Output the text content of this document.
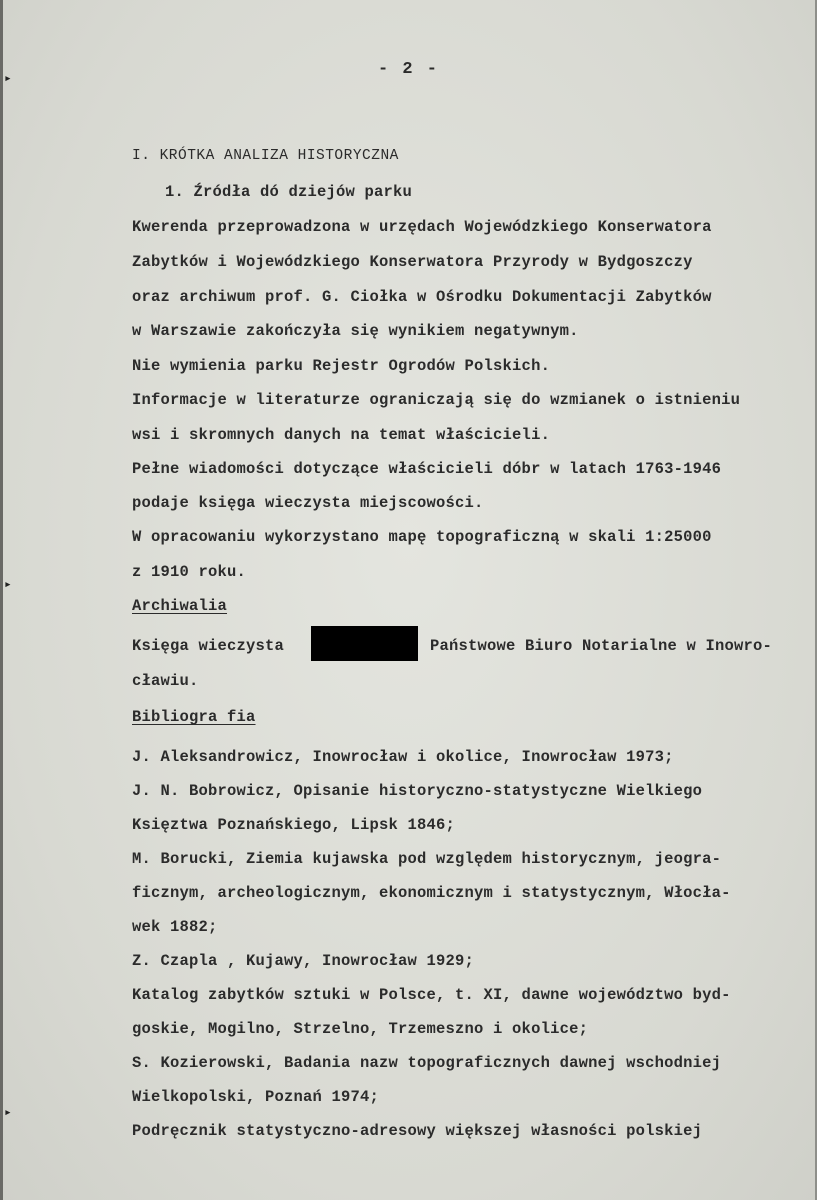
▸
▸
▸
- 2 -
I. KRÓTKA ANALIZA HISTORYCZNA
1. Źródła dó dziejów parku
Kwerenda przeprowadzona w urzędach Wojewódzkiego Konserwatora
Zabytków i Wojewódzkiego Konserwatora Przyrody w Bydgoszczy
oraz archiwum prof. G. Ciołka w Ośrodku Dokumentacji Zabytków
w Warszawie zakończyła się wynikiem negatywnym.
Nie wymienia parku Rejestr Ogrodów Polskich.
Informacje w literaturze ograniczają się do wzmianek o istnieniu
wsi i skromnych danych na temat właścicieli.
Pełne wiadomości dotyczące właścicieli dóbr w latach 1763-1946
podaje księga wieczysta miejscowości.
W opracowaniu wykorzystano mapę topograficzną w skali 1:25000
z 1910 roku.
Archiwalia
Księga wieczysta	Państwowe Biuro Notarialne w Inowro-
cławiu.
Bibliogra fia
J. Aleksandrowicz, Inowrocław i okolice, Inowrocław 1973;
J. N. Bobrowicz, Opisanie historyczno-statystyczne Wielkiego
Księztwa Poznańskiego, Lipsk 1846;
M. Borucki, Ziemia kujawska pod względem historycznym, jeogra-
ficznym, archeologicznym, ekonomicznym i statystycznym, Włocła-
wek 1882;
Z. Czapla , Kujawy, Inowrocław 1929;
Katalog zabytków sztuki w Polsce, t. XI, dawne województwo byd-
goskie, Mogilno, Strzelno, Trzemeszno i okolice;
S. Kozierowski, Badania nazw topograficznych dawnej wschodniej
Wielkopolski, Poznań 1974;
Podręcznik statystyczno-adresowy większej własności polskiej
